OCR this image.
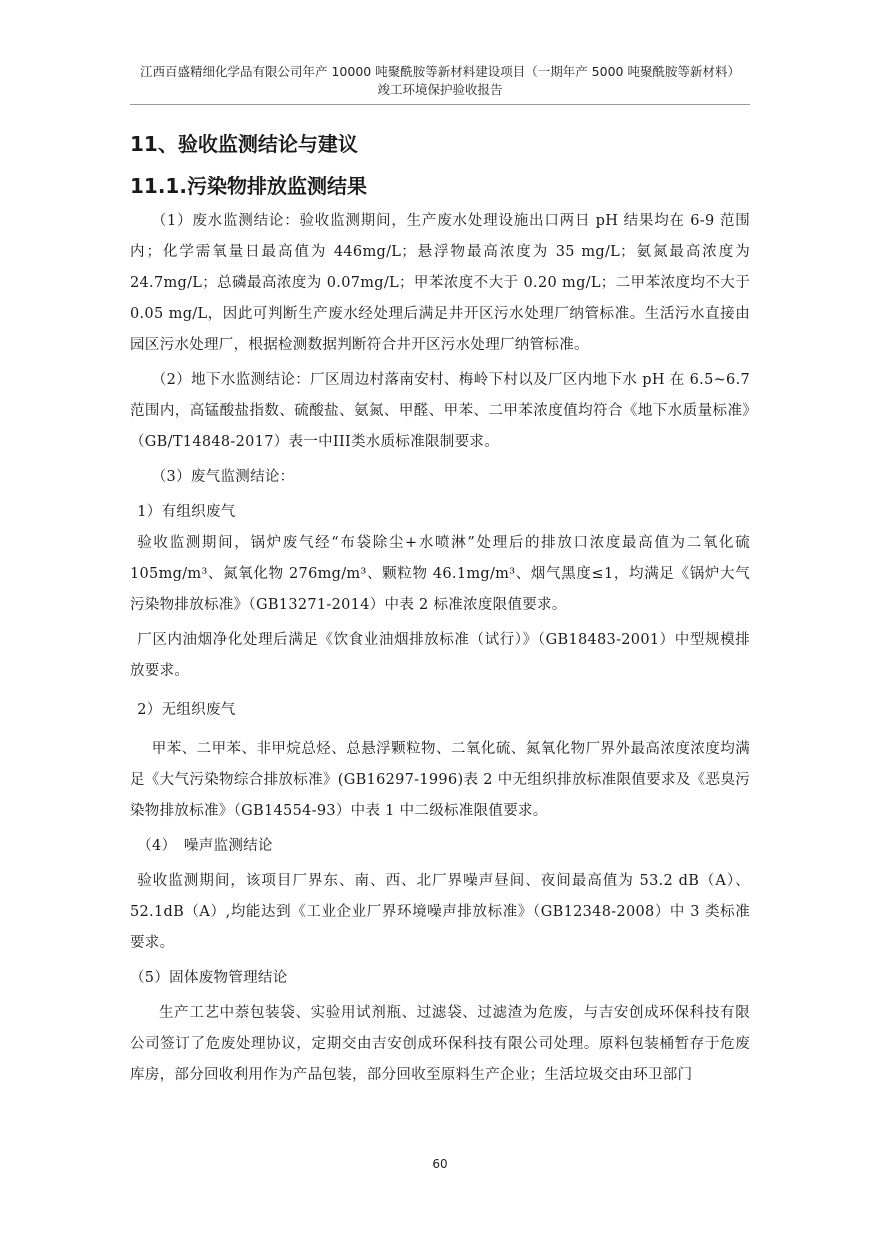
江西百盛精细化学品有限公司年产 10000 吨聚酰胺等新材料建设项目（一期年产 5000 吨聚酰胺等新材料）
竣工环境保护验收报告
11、验收监测结论与建议
11.1.污染物排放监测结果

（1）废水监测结论：验收监测期间，生产废水处理设施出口两日 pH 结果均在 6-9 范围内；化学需氧量日最高值为 446mg/L；悬浮物最高浓度为 35 mg/L；氨氮最高浓度为 24.7mg/L；总磷最高浓度为 0.07mg/L；甲苯浓度不大于 0.20 mg/L；二甲苯浓度均不大于 0.05 mg/L，因此可判断生产废水经处理后满足井开区污水处理厂纳管标准。生活污水直接由园区污水处理厂，根据检测数据判断符合井开区污水处理厂纳管标准。

（2）地下水监测结论：厂区周边村落南安村、梅岭下村以及厂区内地下水 pH 在 6.5~6.7 范围内，高锰酸盐指数、硫酸盐、氨氮、甲醛、甲苯、二甲苯浓度值均符合《地下水质量标准》（GB/T14848-2017）表一中III类水质标准限制要求。

（3）废气监测结论：

1）有组织废气

验收监测期间，锅炉废气经“布袋除尘+水喷淋”处理后的排放口浓度最高值为二氧化硫 105mg/m³、氮氧化物 276mg/m³、颗粒物 46.1mg/m³、烟气黑度≤1，均满足《锅炉大气污染物排放标准》（GB13271-2014）中表 2 标准浓度限值要求。

厂区内油烟净化处理后满足《饮食业油烟排放标准（试行）》（GB18483-2001）中型规模排放要求。

2）无组织废气

甲苯、二甲苯、非甲烷总烃、总悬浮颗粒物、二氧化硫、氮氧化物厂界外最高浓度浓度均满足《大气污染物综合排放标准》(GB16297-1996)表 2 中无组织排放标准限值要求及《恶臭污染物排放标准》（GB14554-93）中表 1 中二级标准限值要求。

（4）　噪声监测结论

验收监测期间，该项目厂界东、南、西、北厂界噪声昼间、夜间最高值为 53.2 dB（A）、52.1dB（A）,均能达到《工业企业厂界环境噪声排放标准》（GB12348-2008）中 3 类标准要求。

（5）固体废物管理结论

生产工艺中萘包装袋、实验用试剂瓶、过滤袋、过滤渣为危废，与吉安创成环保科技有限公司签订了危废处理协议，定期交由吉安创成环保科技有限公司处理。原料包装桶暂存于危废库房，部分回收利用作为产品包装，部分回收至原料生产企业；生活垃圾交由环卫部门

60
